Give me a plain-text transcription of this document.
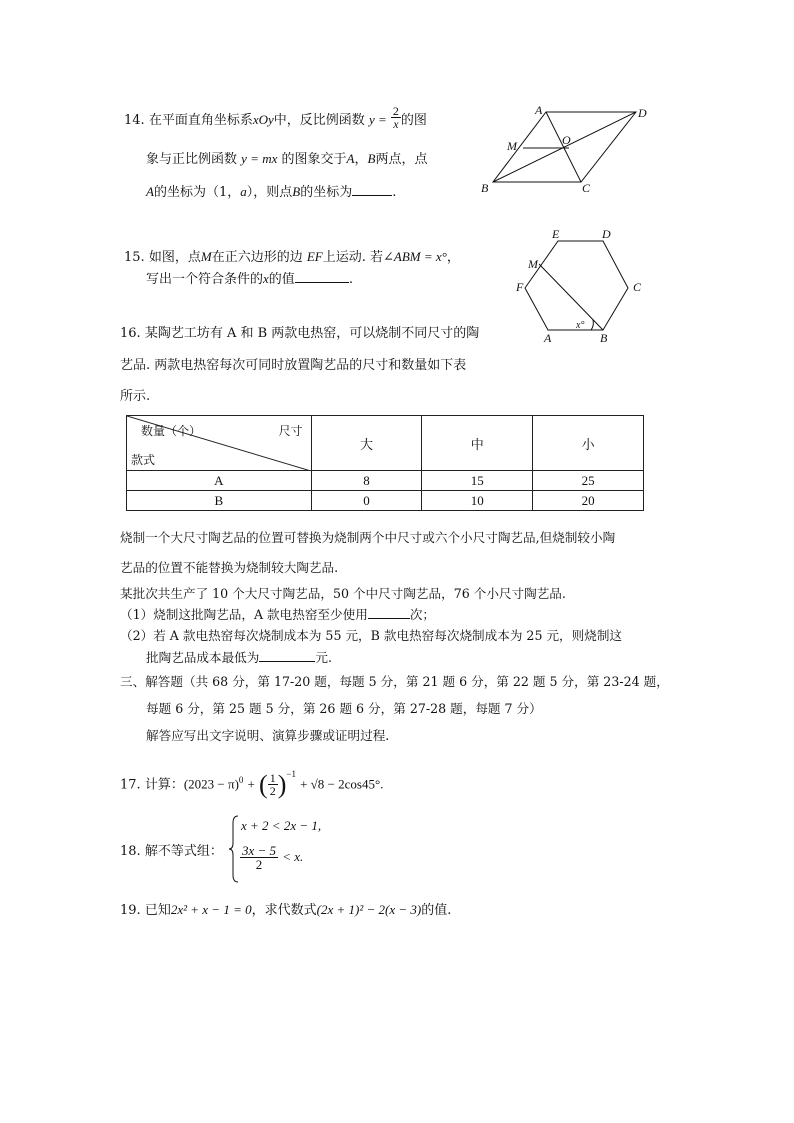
14. 在平面直角坐标系xOy中，反比例函数 $y = \frac{2}{x}$ 的图
象与正比例函数 y = mx 的图象交于A，B两点，点
A的坐标为（1，a），则点B的坐标为	.
A	D
M	O
B	C
15. 如图，点M在正六边形的边 EF上运动. 若∠ABM = x°，
写出一个符合条件的x的值	.
E	D
M
F	C
A	B
x°
16. 某陶艺工坊有 A 和 B 两款电热窑，可以烧制不同尺寸的陶
艺品. 两款电热窑每次可同时放置陶艺品的尺寸和数量如下表
所示.
数量（个） 尺寸
款式	大	中	小
A	8	15	25
B	0	10	20
烧制一个大尺寸陶艺品的位置可替换为烧制两个中尺寸或六个小尺寸陶艺品,但烧制较小陶
艺品的位置不能替换为烧制较大陶艺品.
某批次共生产了 10 个大尺寸陶艺品，50 个中尺寸陶艺品，76 个小尺寸陶艺品.
（1）烧制这批陶艺品，A 款电热窑至少使用	次；
（2）若 A 款电热窑每次烧制成本为 55 元，B 款电热窑每次烧制成本为 25 元，则烧制这
批陶艺品成本最低为	元.
三、解答题（共 68 分，第 17-20 题，每题 5 分，第 21 题 6 分，第 22 题 5 分，第 23-24 题，
每题 6 分，第 25 题 5 分，第 26 题 6 分，第 27-28 题，每题 7 分）
解答应写出文字说明、演算步骤或证明过程.
17. 计算：$(2023 - \pi)^0$ + ( $\frac{1}{2} )^{-1} + √8 - 2\cos 45^\circ$.
18. 解不等式组：
x + 2 < 2x − 1,
$\frac{3x - 5}{2} < x$.
19. 已知2x² + x − 1 = 0，求代数式(2x + 1)² − 2(x − 3)的值.
